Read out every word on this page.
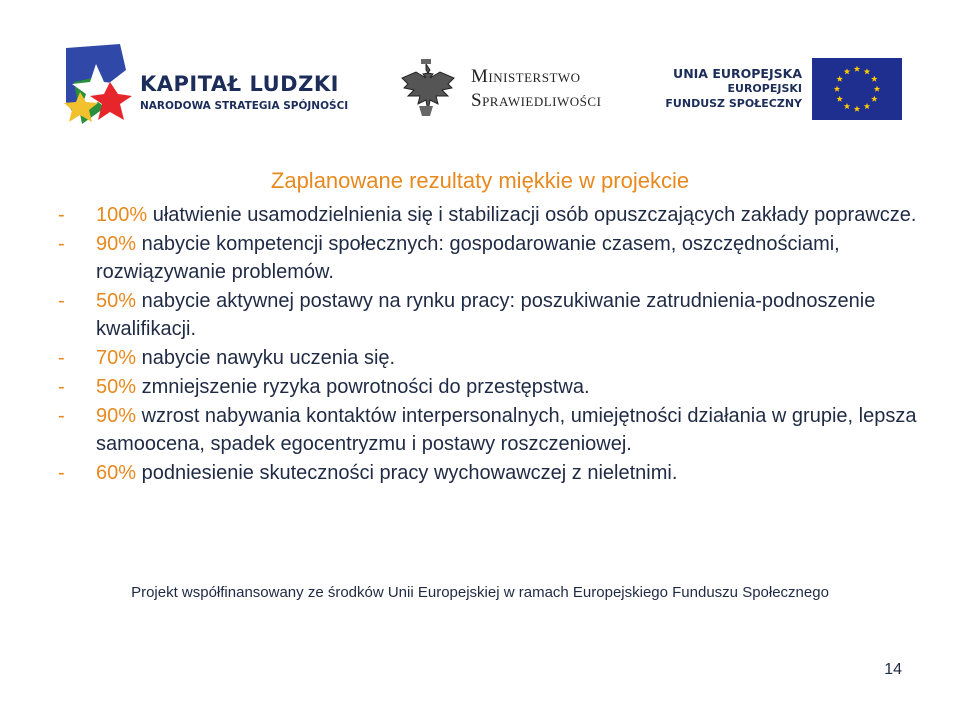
KAPITAŁ LUDZKI
NARODOWA STRATEGIA SPÓJNOŚCI
Ministerstwo
Sprawiedliwości
UNIA EUROPEJSKA
EUROPEJSKI
FUNDUSZ SPOŁECZNY
Zaplanowane rezultaty miękkie w projekcie
- 100% ułatwienie usamodzielnienia się i stabilizacji osób opuszczających zakłady poprawcze.
- 90% nabycie kompetencji społecznych: gospodarowanie czasem, oszczędnościami, rozwiązywanie problemów.
- 50% nabycie aktywnej postawy na rynku pracy: poszukiwanie zatrudnienia-podnoszenie kwalifikacji.
- 70% nabycie nawyku uczenia się.
- 50% zmniejszenie ryzyka powrotności do przestępstwa.
- 90% wzrost nabywania kontaktów interpersonalnych, umiejętności działania w grupie, lepsza samoocena, spadek egocentryzmu i postawy roszczeniowej.
- 60% podniesienie skuteczności pracy wychowawczej z nieletnimi.
Projekt współfinansowany ze środków Unii Europejskiej w ramach Europejskiego Funduszu Społecznego
14
